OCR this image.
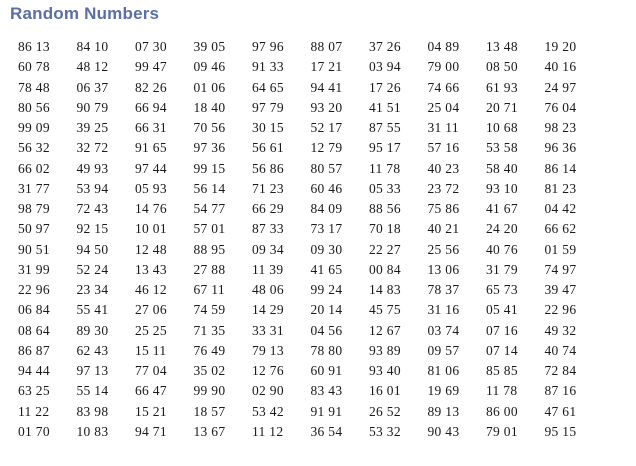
Random Numbers
86 13	84 10	07 30	39 05	97 96	88 07	37 26	04 89	13 48	19 20
60 78	48 12	99 47	09 46	91 33	17 21	03 94	79 00	08 50	40 16
78 48	06 37	82 26	01 06	64 65	94 41	17 26	74 66	61 93	24 97
80 56	90 79	66 94	18 40	97 79	93 20	41 51	25 04	20 71	76 04
99 09	39 25	66 31	70 56	30 15	52 17	87 55	31 11	10 68	98 23
56 32	32 72	91 65	97 36	56 61	12 79	95 17	57 16	53 58	96 36
66 02	49 93	97 44	99 15	56 86	80 57	11 78	40 23	58 40	86 14
31 77	53 94	05 93	56 14	71 23	60 46	05 33	23 72	93 10	81 23
98 79	72 43	14 76	54 77	66 29	84 09	88 56	75 86	41 67	04 42
50 97	92 15	10 01	57 01	87 33	73 17	70 18	40 21	24 20	66 62
90 51	94 50	12 48	88 95	09 34	09 30	22 27	25 56	40 76	01 59
31 99	52 24	13 43	27 88	11 39	41 65	00 84	13 06	31 79	74 97
22 96	23 34	46 12	67 11	48 06	99 24	14 83	78 37	65 73	39 47
06 84	55 41	27 06	74 59	14 29	20 14	45 75	31 16	05 41	22 96
08 64	89 30	25 25	71 35	33 31	04 56	12 67	03 74	07 16	49 32
86 87	62 43	15 11	76 49	79 13	78 80	93 89	09 57	07 14	40 74
94 44	97 13	77 04	35 02	12 76	60 91	93 40	81 06	85 85	72 84
63 25	55 14	66 47	99 90	02 90	83 43	16 01	19 69	11 78	87 16
11 22	83 98	15 21	18 57	53 42	91 91	26 52	89 13	86 00	47 61
01 70	10 83	94 71	13 67	11 12	36 54	53 32	90 43	79 01	95 15
